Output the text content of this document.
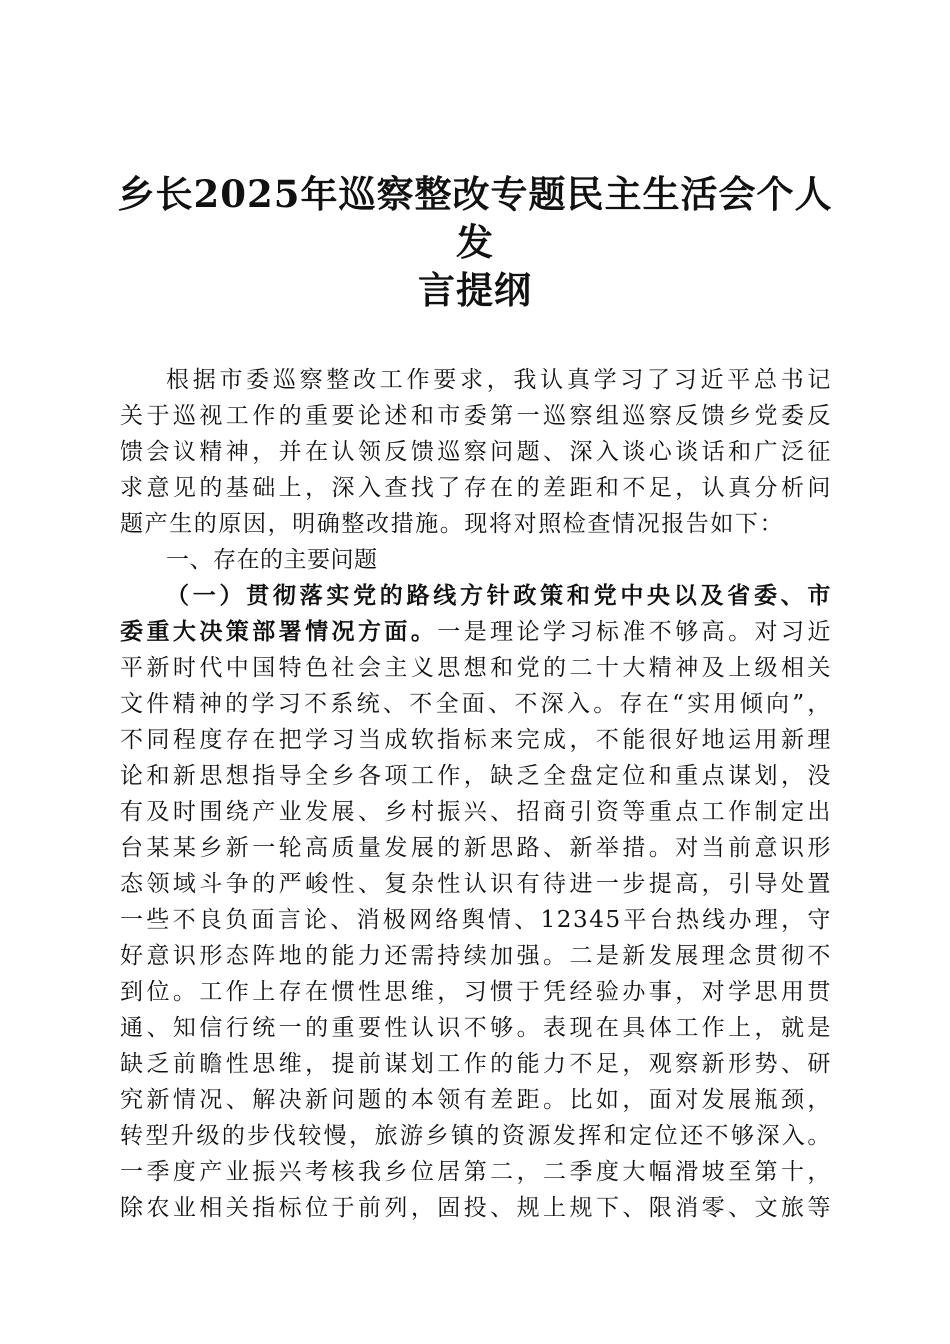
乡长2025年巡察整改专题民主生活会个人发
言提纲
根据市委巡察整改工作要求，我认真学习了习近平总书记
关于巡视工作的重要论述和市委第一巡察组巡察反馈乡党委反
馈会议精神，并在认领反馈巡察问题、深入谈心谈话和广泛征
求意见的基础上，深入查找了存在的差距和不足，认真分析问
题产生的原因，明确整改措施。现将对照检查情况报告如下：
一、存在的主要问题
（一）贯彻落实党的路线方针政策和党中央以及省委、市
委重大决策部署情况方面。一是理论学习标准不够高。对习近
平新时代中国特色社会主义思想和党的二十大精神及上级相关
文件精神的学习不系统、不全面、不深入。存在“实用倾向”，
不同程度存在把学习当成软指标来完成，不能很好地运用新理
论和新思想指导全乡各项工作，缺乏全盘定位和重点谋划，没
有及时围绕产业发展、乡村振兴、招商引资等重点工作制定出
台某某乡新一轮高质量发展的新思路、新举措。对当前意识形
态领域斗争的严峻性、复杂性认识有待进一步提高，引导处置
一些不良负面言论、消极网络舆情、12345平台热线办理，守
好意识形态阵地的能力还需持续加强。二是新发展理念贯彻不
到位。工作上存在惯性思维，习惯于凭经验办事，对学思用贯
通、知信行统一的重要性认识不够。表现在具体工作上，就是
缺乏前瞻性思维，提前谋划工作的能力不足，观察新形势、研
究新情况、解决新问题的本领有差距。比如，面对发展瓶颈，
转型升级的步伐较慢，旅游乡镇的资源发挥和定位还不够深入。
一季度产业振兴考核我乡位居第二，二季度大幅滑坡至第十，
除农业相关指标位于前列，固投、规上规下、限消零、文旅等
